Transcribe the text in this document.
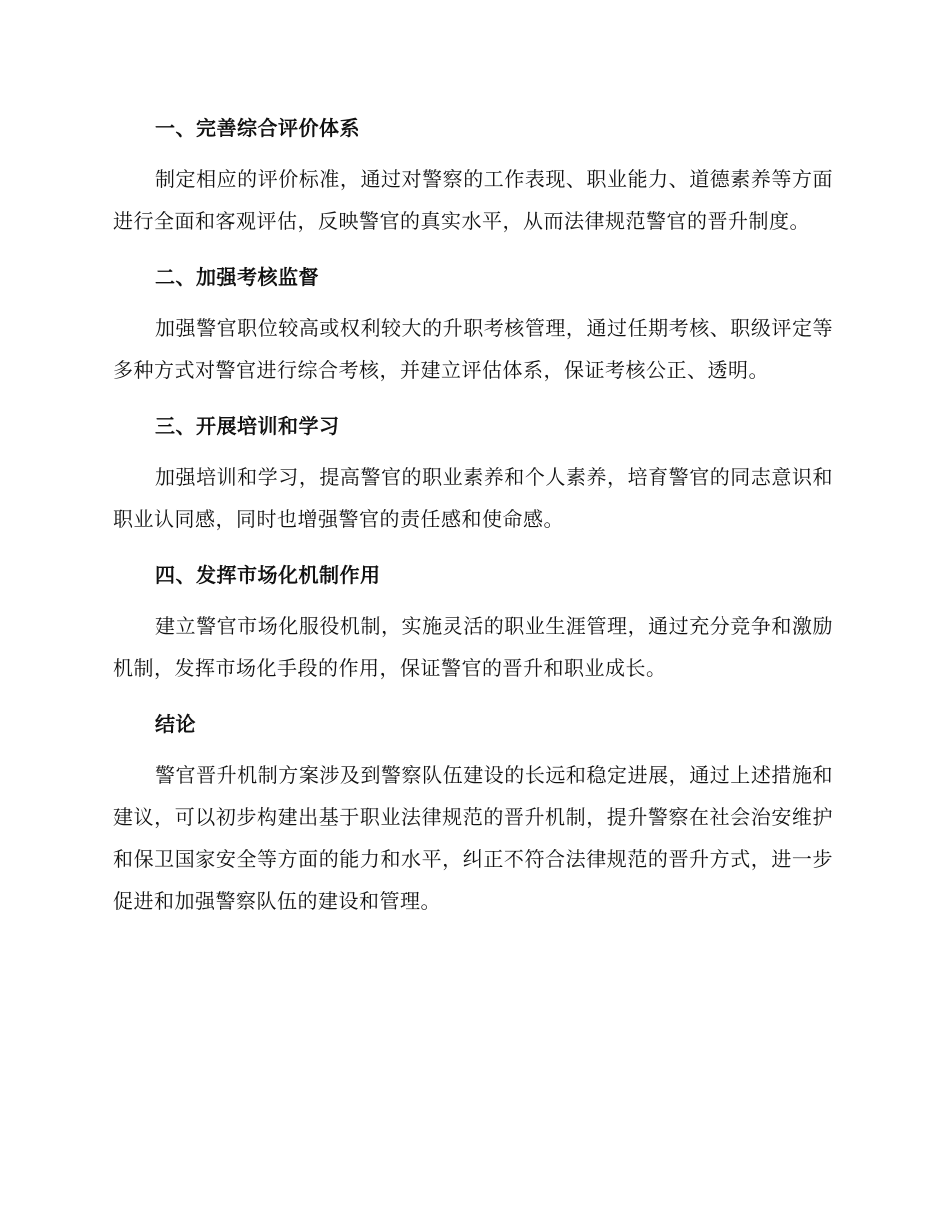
一、完善综合评价体系

制定相应的评价标准，通过对警察的工作表现、职业能力、道德素养等方面进行全面和客观评估，反映警官的真实水平，从而法律规范警官的晋升制度。

二、加强考核监督

加强警官职位较高或权利较大的升职考核管理，通过任期考核、职级评定等多种方式对警官进行综合考核，并建立评估体系，保证考核公正、透明。

三、开展培训和学习

加强培训和学习，提高警官的职业素养和个人素养，培育警官的同志意识和职业认同感，同时也增强警官的责任感和使命感。

四、发挥市场化机制作用

建立警官市场化服役机制，实施灵活的职业生涯管理，通过充分竞争和激励机制，发挥市场化手段的作用，保证警官的晋升和职业成长。

结论

警官晋升机制方案涉及到警察队伍建设的长远和稳定进展，通过上述措施和建议，可以初步构建出基于职业法律规范的晋升机制，提升警察在社会治安维护和保卫国家安全等方面的能力和水平，纠正不符合法律规范的晋升方式，进一步促进和加强警察队伍的建设和管理。
